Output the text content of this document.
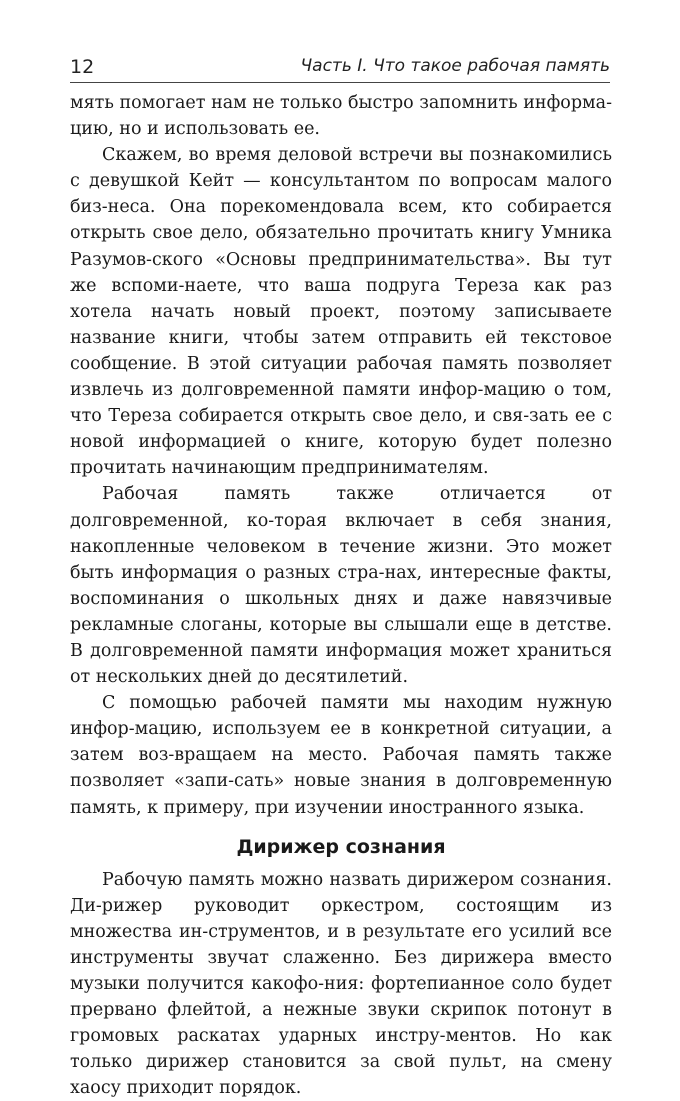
12	Часть I. Что такое рабочая память

мять помогает нам не только быстро запомнить информа-цию, но и использовать ее.

Скажем, во время деловой встречи вы познакомились с девушкой Кейт — консультантом по вопросам малого биз-неса. Она порекомендовала всем, кто собирается открыть свое дело, обязательно прочитать книгу Умника Разумов-ского «Основы предпринимательства». Вы тут же вспоми-наете, что ваша подруга Тереза как раз хотела начать новый проект, поэтому записываете название книги, чтобы затем отправить ей текстовое сообщение. В этой ситуации рабочая память позволяет извлечь из долговременной памяти инфор-мацию о том, что Тереза собирается открыть свое дело, и свя-зать ее с новой информацией о книге, которую будет полезно прочитать начинающим предпринимателям.

Рабочая память также отличается от долговременной, ко-торая включает в себя знания, накопленные человеком в течение жизни. Это может быть информация о разных стра-нах, интересные факты, воспоминания о школьных днях и даже навязчивые рекламные слоганы, которые вы слышали еще в детстве. В долговременной памяти информация может храниться от нескольких дней до десятилетий.

С помощью рабочей памяти мы находим нужную инфор-мацию, используем ее в конкретной ситуации, а затем воз-вращаем на место. Рабочая память также позволяет «запи-сать» новые знания в долговременную память, к примеру, при изучении иностранного языка.

Дирижер сознания

Рабочую память можно назвать дирижером сознания. Ди-рижер руководит оркестром, состоящим из множества ин-струментов, и в результате его усилий все инструменты звучат слаженно. Без дирижера вместо музыки получится какофо-ния: фортепианное соло будет прервано флейтой, а нежные звуки скрипок потонут в громовых раскатах ударных инстру-ментов. Но как только дирижер становится за свой пульт, на смену хаосу приходит порядок.
